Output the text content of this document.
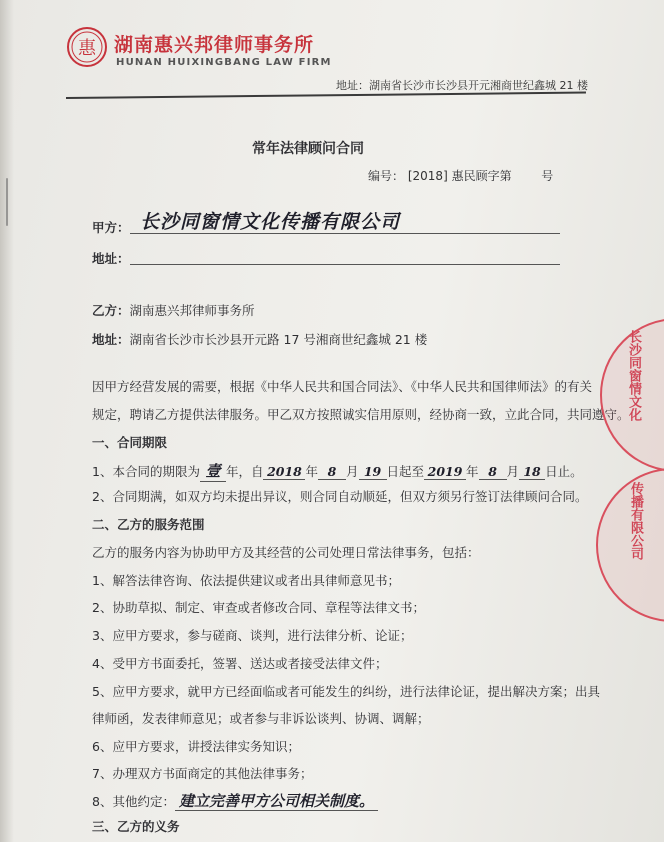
惠 湖南惠兴邦律师事务所
HUNAN HUIXINGBANG LAW FIRM
地址：湖南省长沙市长沙县开元湘商世纪鑫城 21 楼
常年法律顾问合同
编号： [2018] 惠民顾字第 号
甲方： 长沙同窗情文化传播有限公司
地址：
乙方：湖南惠兴邦律师事务所
地址：湖南省长沙市长沙县开元路 17 号湘商世纪鑫城 21 楼
因甲方经营发展的需要，根据《中华人民共和国合同法》、《中华人民共和国律师法》的有关
规定，聘请乙方提供法律服务。甲乙双方按照诚实信用原则，经协商一致，立此合同，共同遵守。
一、合同期限
1、本合同的期限为 壹 年，自 2018 年 8 月 19 日起至 2019 年 8 月 18 日止。
2、合同期满，如双方均未提出异议，则合同自动顺延，但双方须另行签订法律顾问合同。
二、乙方的服务范围
乙方的服务内容为协助甲方及其经营的公司处理日常法律事务，包括：
1、解答法律咨询、依法提供建议或者出具律师意见书；
2、协助草拟、制定、审查或者修改合同、章程等法律文书；
3、应甲方要求，参与磋商、谈判，进行法律分析、论证；
4、受甲方书面委托，签署、送达或者接受法律文件；
5、应甲方要求，就甲方已经面临或者可能发生的纠纷，进行法律论证，提出解决方案；出具
律师函，发表律师意见；或者参与非诉讼谈判、协调、调解；
6、应甲方要求，讲授法律实务知识；
7、办理双方书面商定的其他法律事务；
8、其他约定： 建立完善甲方公司相关制度。
三、乙方的义务
长沙同窗情文化
传播有限公司
